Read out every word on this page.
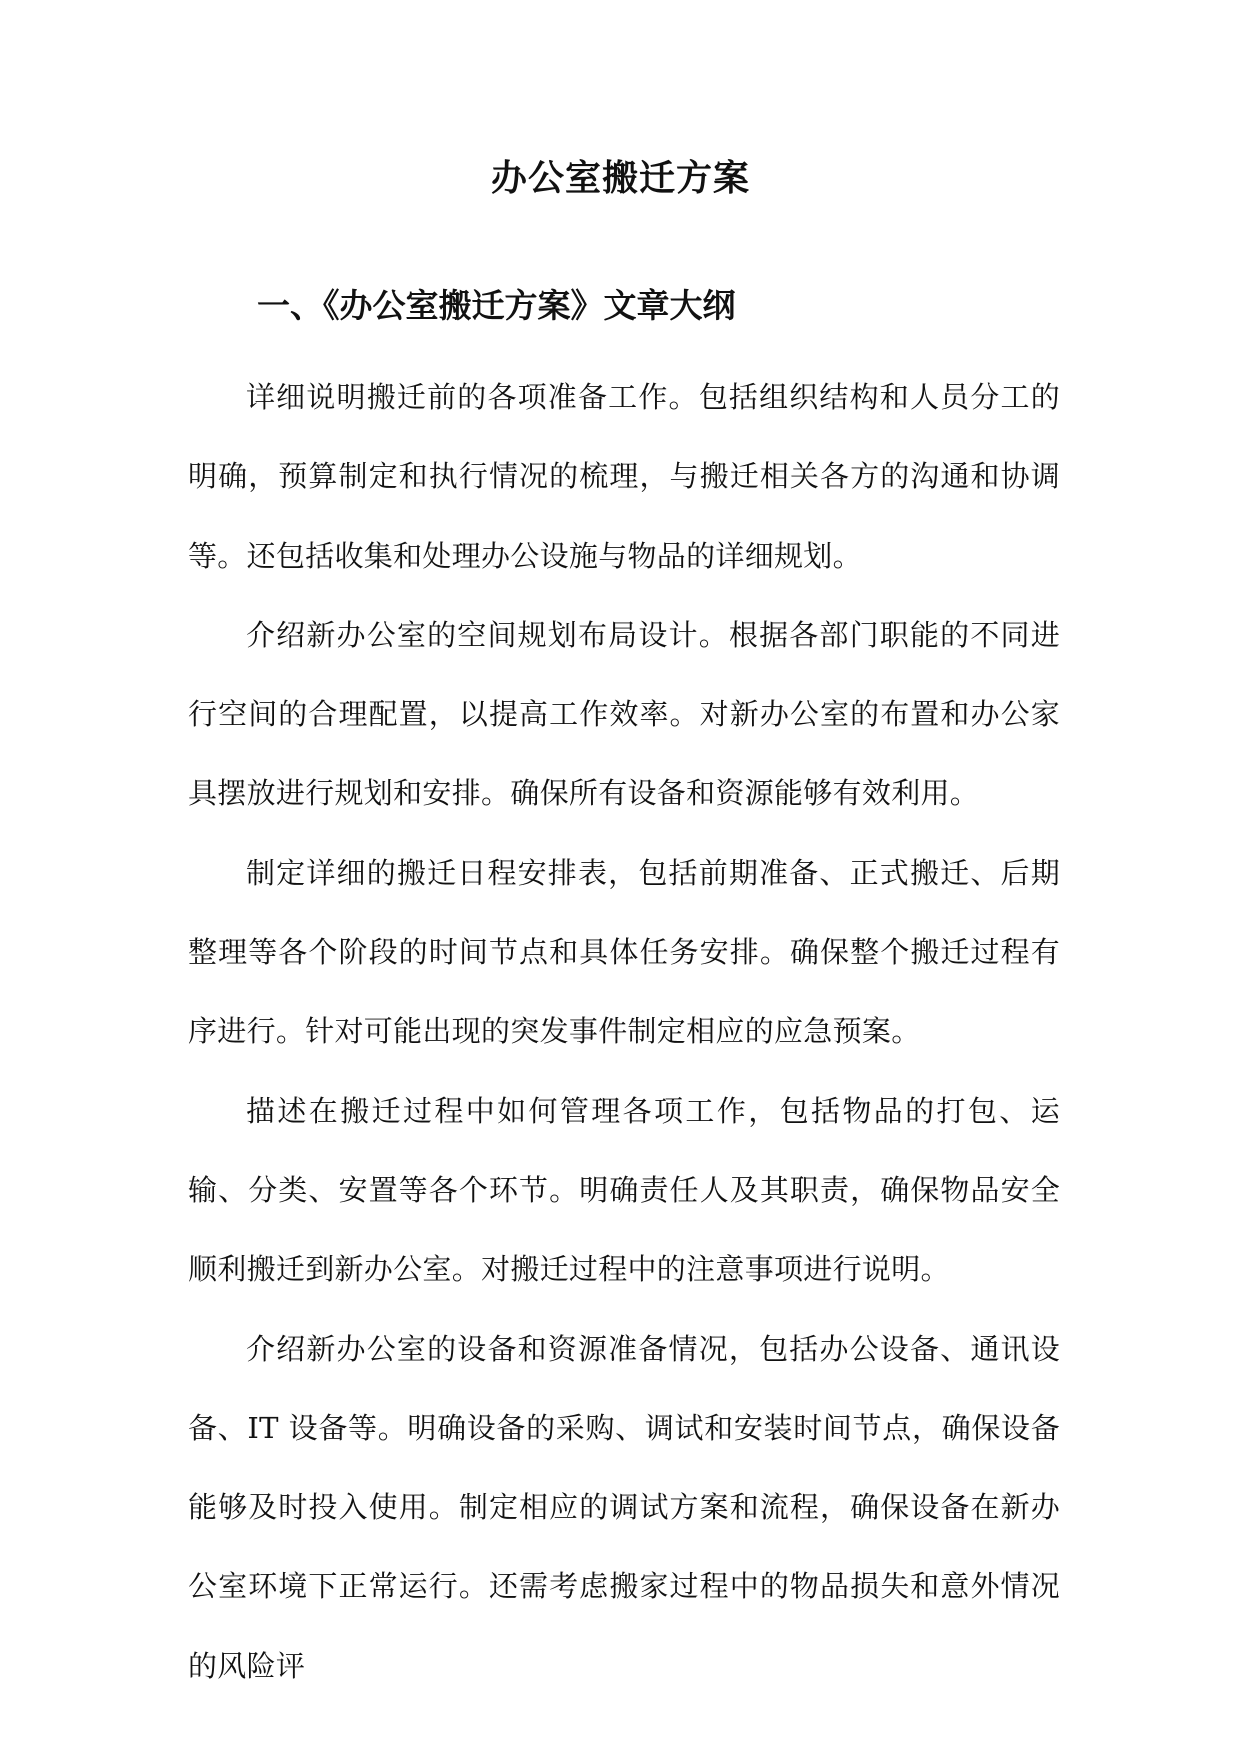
办公室搬迁方案
一、《办公室搬迁方案》文章大纲

详细说明搬迁前的各项准备工作。包括组织结构和人员分工的明确，预算制定和执行情况的梳理，与搬迁相关各方的沟通和协调等。还包括收集和处理办公设施与物品的详细规划。

介绍新办公室的空间规划布局设计。根据各部门职能的不同进行空间的合理配置，以提高工作效率。对新办公室的布置和办公家具摆放进行规划和安排。确保所有设备和资源能够有效利用。

制定详细的搬迁日程安排表，包括前期准备、正式搬迁、后期整理等各个阶段的时间节点和具体任务安排。确保整个搬迁过程有序进行。针对可能出现的突发事件制定相应的应急预案。

描述在搬迁过程中如何管理各项工作，包括物品的打包、运输、分类、安置等各个环节。明确责任人及其职责，确保物品安全顺利搬迁到新办公室。对搬迁过程中的注意事项进行说明。

介绍新办公室的设备和资源准备情况，包括办公设备、通讯设备、IT 设备等。明确设备的采购、调试和安装时间节点，确保设备能够及时投入使用。制定相应的调试方案和流程，确保设备在新办公室环境下正常运行。还需考虑搬家过程中的物品损失和意外情况的风险评
